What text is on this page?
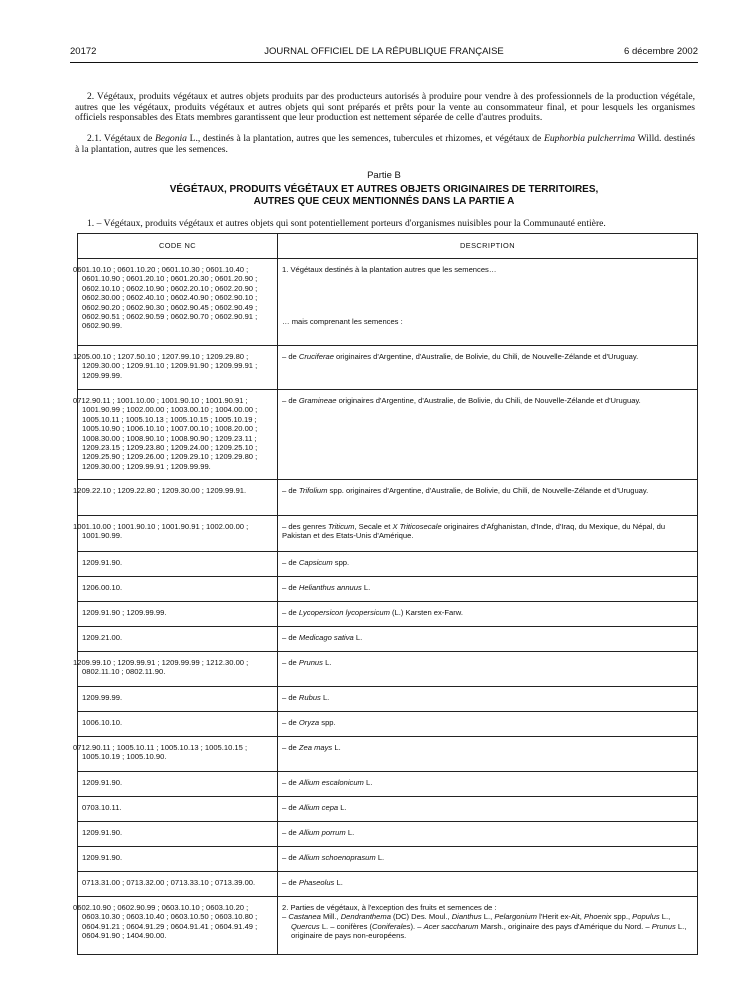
20172	JOURNAL OFFICIEL DE LA RÉPUBLIQUE FRANÇAISE	6 décembre 2002
2. Végétaux, produits végétaux et autres objets produits par des producteurs autorisés à produire pour vendre à des professionnels de la production végétale, autres que les végétaux, produits végétaux et autres objets qui sont préparés et prêts pour la vente au consommateur final, et pour lesquels les organismes officiels responsables des Etats membres garantissent que leur production est nettement séparée de celle d'autres produits.
2.1. Végétaux de Begonia L., destinés à la plantation, autres que les semences, tubercules et rhizomes, et végétaux de Euphorbia pulcherrima Willd. destinés à la plantation, autres que les semences.
Partie B
VÉGÉTAUX, PRODUITS VÉGÉTAUX ET AUTRES OBJETS ORIGINAIRES DE TERRITOIRES,
AUTRES QUE CEUX MENTIONNÉS DANS LA PARTIE A
1. – Végétaux, produits végétaux et autres objets qui sont potentiellement porteurs d'organismes nuisibles pour la Communauté entière.
CODE NC	DESCRIPTION
0601.10.10 ; 0601.10.20 ; 0601.10.30 ; 0601.10.40 ; 0601.10.90 ; 0601.20.10 ; 0601.20.30 ; 0601.20.90 ; 0602.10.10 ; 0602.10.90 ; 0602.20.10 ; 0602.20.90 ; 0602.30.00 ; 0602.40.10 ; 0602.40.90 ; 0602.90.10 ; 0602.90.20 ; 0602.90.30 ; 0602.90.45 ; 0602.90.49 ; 0602.90.51 ; 0602.90.59 ; 0602.90.70 ; 0602.90.91 ; 0602.90.99.	1. Végétaux destinés à la plantation autres que les semences…
… mais comprenant les semences :

1205.00.10 ; 1207.50.10 ; 1207.99.10 ; 1209.29.80 ; 1209.30.00 ; 1209.91.10 ; 1209.91.90 ; 1209.99.91 ; 1209.99.99.	– de Cruciferae originaires d'Argentine, d'Australie, de Bolivie, du Chili, de Nouvelle-Zélande et d'Uruguay.
0712.90.11 ; 1001.10.00 ; 1001.90.10 ; 1001.90.91 ; 1001.90.99 ; 1002.00.00 ; 1003.00.10 ; 1004.00.00 ; 1005.10.11 ; 1005.10.13 ; 1005.10.15 ; 1005.10.19 ; 1005.10.90 ; 1006.10.10 ; 1007.00.10 ; 1008.20.00 ; 1008.30.00 ; 1008.90.10 ; 1008.90.90 ; 1209.23.11 ; 1209.23.15 ; 1209.23.80 ; 1209.24.00 ; 1209.25.10 ; 1209.25.90 ; 1209.26.00 ; 1209.29.10 ; 1209.29.80 ; 1209.30.00 ; 1209.99.91 ; 1209.99.99.	– de Gramineae originaires d'Argentine, d'Australie, de Bolivie, du Chili, de Nouvelle-Zélande et d'Uruguay.
1209.22.10 ; 1209.22.80 ; 1209.30.00 ; 1209.99.91.	– de Trifolium spp. originaires d'Argentine, d'Australie, de Bolivie, du Chili, de Nouvelle-Zélande et d'Uruguay.
1001.10.00 ; 1001.90.10 ; 1001.90.91 ; 1002.00.00 ; 1001.90.99.	– des genres Triticum, Secale et X Triticosecale originaires d'Afghanistan, d'Inde, d'Iraq, du Mexique, du Népal, du Pakistan et des Etats-Unis d'Amérique.
1209.91.90.	– de Capsicum spp.
1206.00.10.	– de Helianthus annuus L.
1209.91.90 ; 1209.99.99.	– de Lycopersicon lycopersicum (L.) Karsten ex-Farw.
1209.21.00.	– de Medicago sativa L.
1209.99.10 ; 1209.99.91 ; 1209.99.99 ; 1212.30.00 ; 0802.11.10 ; 0802.11.90.	– de Prunus L.
1209.99.99.	– de Rubus L.
1006.10.10.	– de Oryza spp.
0712.90.11 ; 1005.10.11 ; 1005.10.13 ; 1005.10.15 ; 1005.10.19 ; 1005.10.90.	– de Zea mays L.
1209.91.90.	– de Allium escalonicum L.
0703.10.11.	– de Allium cepa L.
1209.91.90.	– de Allium porrum L.
1209.91.90.	– de Allium schoenoprasum L.
0713.31.00 ; 0713.32.00 ; 0713.33.10 ; 0713.39.00.	– de Phaseolus L.
0602.10.90 ; 0602.90.99 ; 0603.10.10 ; 0603.10.20 ; 0603.10.30 ; 0603.10.40 ; 0603.10.50 ; 0603.10.80 ; 0604.91.21 ; 0604.91.29 ; 0604.91.41 ; 0604.91.49 ; 0604.91.90 ; 1404.90.00.	2. Parties de végétaux, à l'exception des fruits et semences de :
– Castanea Mill., Dendranthema (DC) Des. Moul., Dianthus L., Pelargonium l'Herit ex-Ait, Phoenix spp., Populus L., Quercus L. – conifères (Coniferales). – Acer saccharum Marsh., originaire des pays d'Amérique du Nord. – Prunus L., originaire de pays non-européens.
